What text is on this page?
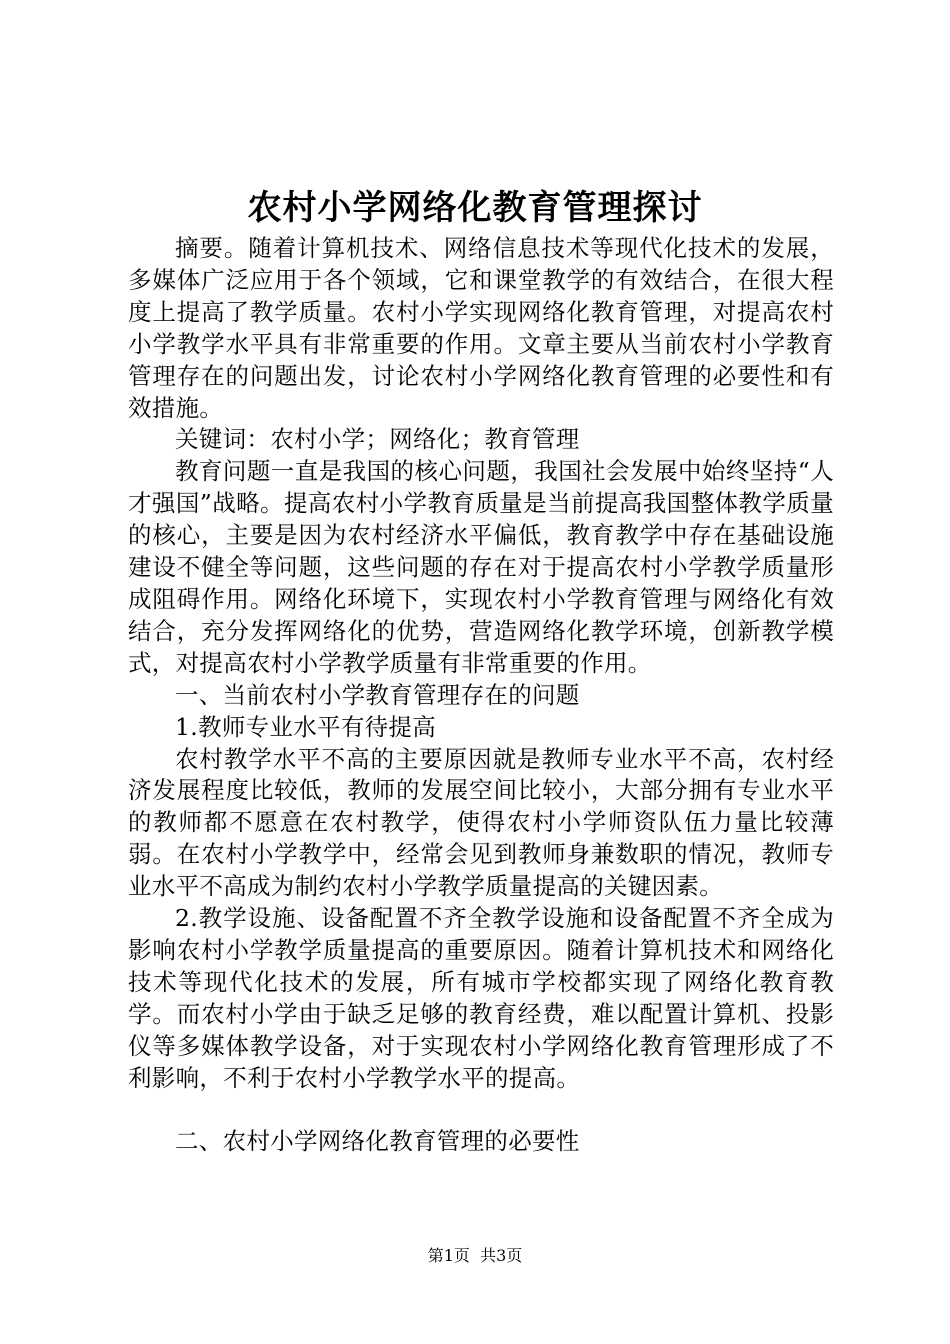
农村小学网络化教育管理探讨

摘要。随着计算机技术、网络信息技术等现代化技术的发展，多媒体广泛应用于各个领域，它和课堂教学的有效结合，在很大程度上提高了教学质量。农村小学实现网络化教育管理，对提高农村小学教学水平具有非常重要的作用。文章主要从当前农村小学教育管理存在的问题出发，讨论农村小学网络化教育管理的必要性和有效措施。

关键词：农村小学；网络化；教育管理

教育问题一直是我国的核心问题，我国社会发展中始终坚持“人才强国”战略。提高农村小学教育质量是当前提高我国整体教学质量的核心，主要是因为农村经济水平偏低，教育教学中存在基础设施建设不健全等问题，这些问题的存在对于提高农村小学教学质量形成阻碍作用。网络化环境下，实现农村小学教育管理与网络化有效结合，充分发挥网络化的优势，营造网络化教学环境，创新教学模式，对提高农村小学教学质量有非常重要的作用。

一、当前农村小学教育管理存在的问题

1.教师专业水平有待提高

农村教学水平不高的主要原因就是教师专业水平不高，农村经济发展程度比较低，教师的发展空间比较小，大部分拥有专业水平的教师都不愿意在农村教学，使得农村小学师资队伍力量比较薄弱。在农村小学教学中，经常会见到教师身兼数职的情况，教师专业水平不高成为制约农村小学教学质量提高的关键因素。

2.教学设施、设备配置不齐全教学设施和设备配置不齐全成为影响农村小学教学质量提高的重要原因。随着计算机技术和网络化技术等现代化技术的发展，所有城市学校都实现了网络化教育教学。而农村小学由于缺乏足够的教育经费，难以配置计算机、投影仪等多媒体教学设备，对于实现农村小学网络化教育管理形成了不利影响，不利于农村小学教学水平的提高。

二、农村小学网络化教育管理的必要性

第1页 共3页
